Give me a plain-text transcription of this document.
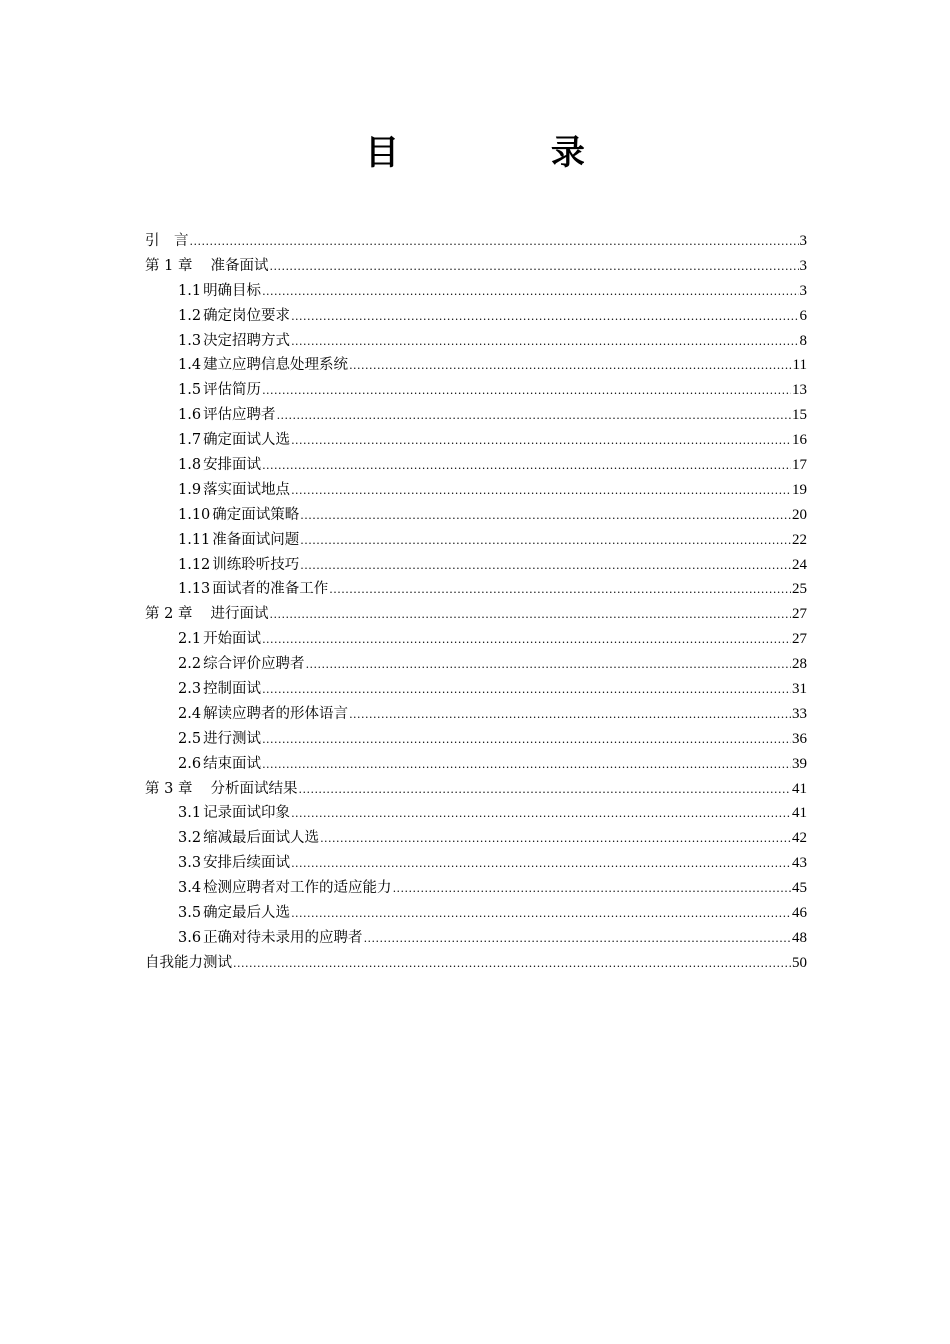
目 录
引　言 .....	3
第 1 章 准备面试 .....	3
1.1 明确目标 .....	3
1.2 确定岗位要求 .....	6
1.3 决定招聘方式 .....	8
1.4 建立应聘信息处理系统 .....	11
1.5 评估简历 .....	13
1.6 评估应聘者 .....	15
1.7 确定面试人选 .....	16
1.8 安排面试 .....	17
1.9 落实面试地点 .....	19
1.10 确定面试策略 .....	20
1.11 准备面试问题 .....	22
1.12 训练聆听技巧 .....	24
1.13 面试者的准备工作 .....	25
第 2 章 进行面试 .....	27
2.1 开始面试 .....	27
2.2 综合评价应聘者 .....	28
2.3 控制面试 .....	31
2.4 解读应聘者的形体语言 .....	33
2.5 进行测试 .....	36
2.6 结束面试 .....	39
第 3 章 分析面试结果 .....	41
3.1 记录面试印象 .....	41
3.2 缩减最后面试人选 .....	42
3.3 安排后续面试 .....	43
3.4 检测应聘者对工作的适应能力 .....	45
3.5 确定最后人选 .....	46
3.6 正确对待未录用的应聘者 .....	48
自我能力测试 .....	50
